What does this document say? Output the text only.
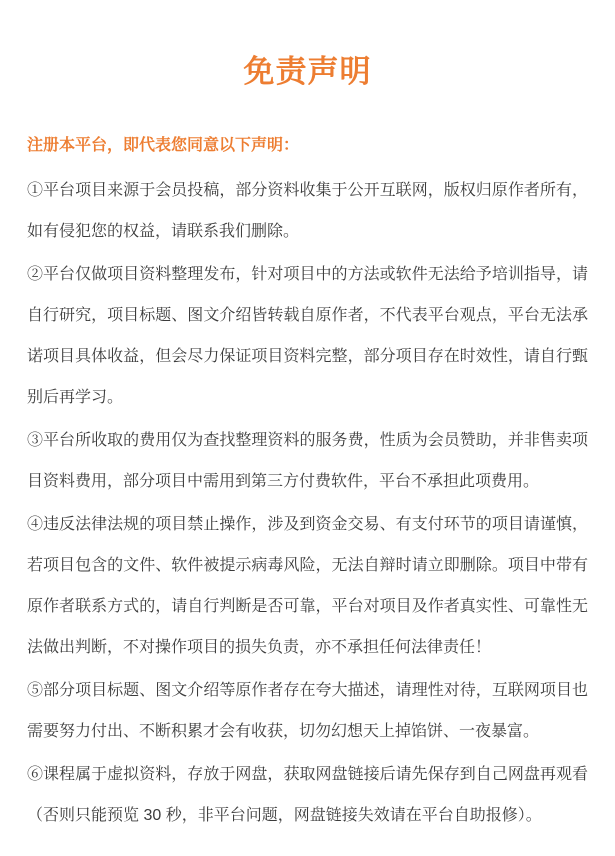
免责声明
注册本平台，即代表您同意以下声明：

①平台项目来源于会员投稿，部分资料收集于公开互联网，版权归原作者所有，如有侵犯您的权益，请联系我们删除。

②平台仅做项目资料整理发布，针对项目中的方法或软件无法给予培训指导，请自行研究，项目标题、图文介绍皆转载自原作者，不代表平台观点，平台无法承诺项目具体收益，但会尽力保证项目资料完整，部分项目存在时效性，请自行甄别后再学习。

③平台所收取的费用仅为查找整理资料的服务费，性质为会员赞助，并非售卖项目资料费用，部分项目中需用到第三方付费软件，平台不承担此项费用。

④违反法律法规的项目禁止操作，涉及到资金交易、有支付环节的项目请谨慎，若项目包含的文件、软件被提示病毒风险，无法自辩时请立即删除。项目中带有原作者联系方式的，请自行判断是否可靠，平台对项目及作者真实性、可靠性无法做出判断，不对操作项目的损失负责，亦不承担任何法律责任！

⑤部分项目标题、图文介绍等原作者存在夸大描述，请理性对待，互联网项目也需要努力付出、不断积累才会有收获，切勿幻想天上掉馅饼、一夜暴富。

⑥课程属于虚拟资料，存放于网盘，获取网盘链接后请先保存到自己网盘再观看（否则只能预览 30 秒，非平台问题，网盘链接失效请在平台自助报修）。
